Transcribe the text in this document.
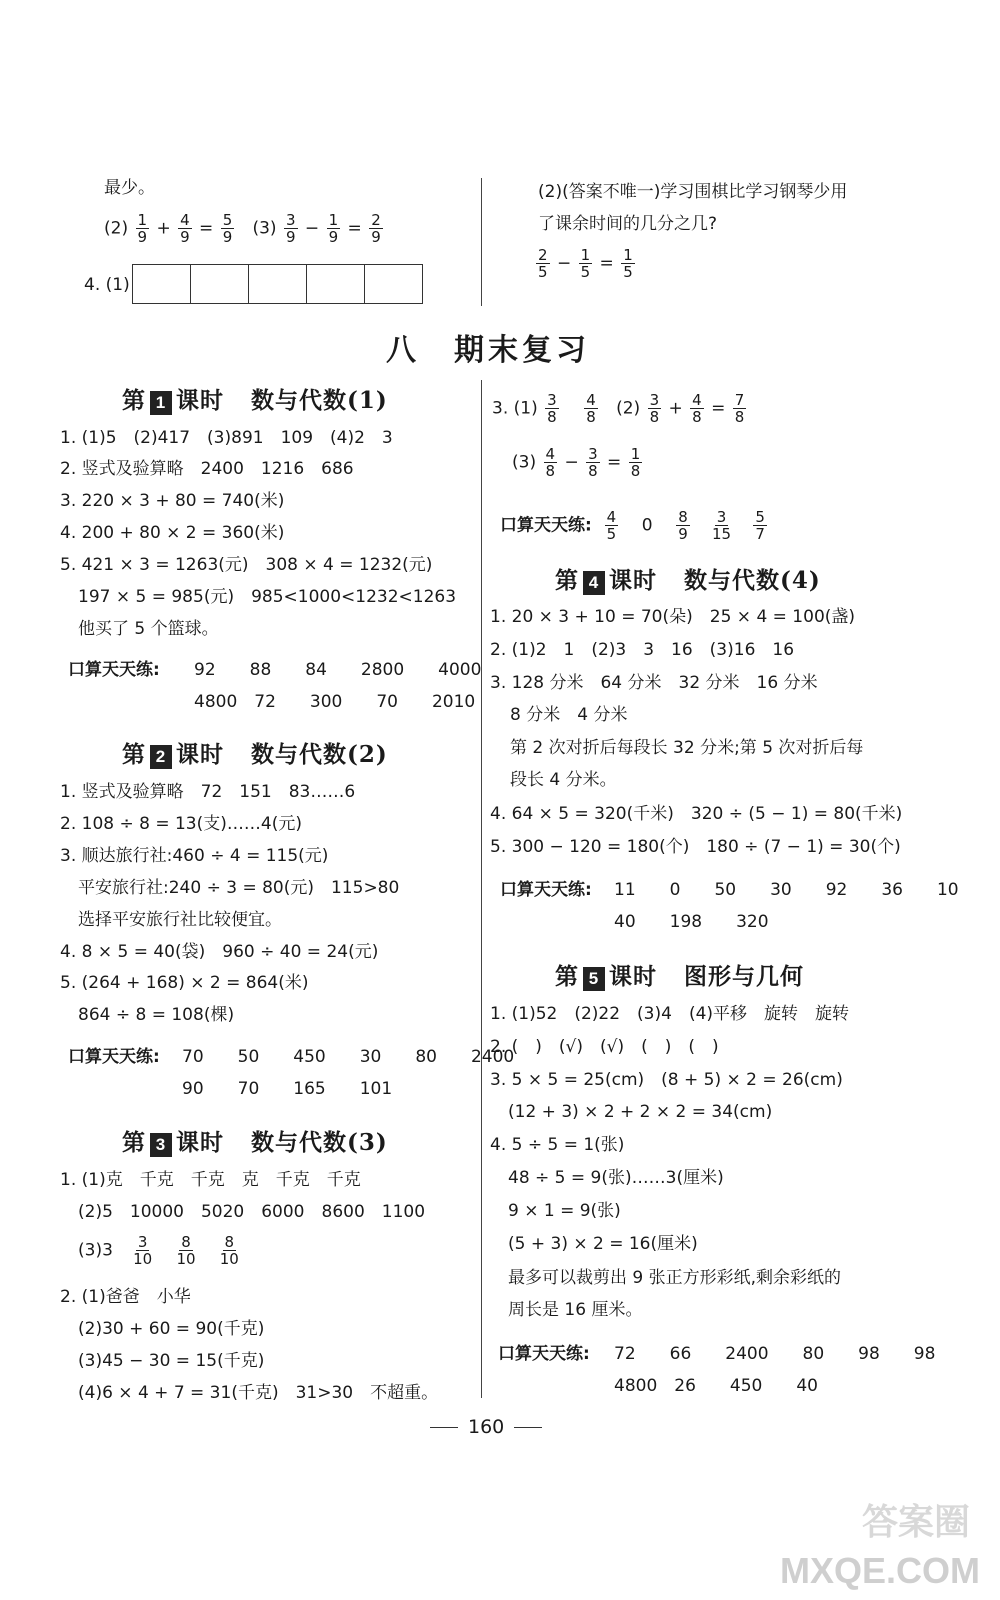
最少。
$(2) \frac{1}{9} + \frac{4}{9} = \frac{5}{9} (3) \frac{3}{9} - \frac{1}{9} = \frac{2}{9}$
4. (1)
(2)(答案不唯一)学习围棋比学习钢琴少用
了课余时间的几分之几?
$\frac{2}{5} - \frac{1}{5} = \frac{1}{5}$
八　期末复习
第 1 课时 数与代数(1)
1. (1)5　(2)417　(3)891　109　(4)2　3
2. 竖式及验算略　2400　1216　686
3. 220 × 3 + 80 = 740(米)
4. 200 + 80 × 2 = 360(米)
5. 421 × 3 = 1263(元)　308 × 4 = 1232(元)
197 × 5 = 985(元)　985<1000<1232<1263
他买了 5 个篮球。
口算天天练: 92　　88　　84　　2800　　4000
4800　72　　300　　70　　2010
第 2 课时 数与代数(2)
1. 竖式及验算略　72　151　83……6
2. 108 ÷ 8 = 13(支)……4(元)
3. 顺达旅行社:460 ÷ 4 = 115(元)
平安旅行社:240 ÷ 3 = 80(元)　115>80
选择平安旅行社比较便宜。
4. 8 × 5 = 40(袋)　960 ÷ 40 = 24(元)
5. (264 + 168) × 2 = 864(米)
864 ÷ 8 = 108(棵)
口算天天练: 70　　50　　450　　30　　80　　2400
90　　70　　165　　101
第 3 课时 数与代数(3)
1. (1)克　千克　千克　克　千克　千克
(2)5　10000　5020　6000　8600　1100
$(3)3 \frac{3}{10}$
$\frac{8}{10}$
$\frac{8}{10}$
2. (1)爸爸　小华
(2)30 + 60 = 90(千克)
(3)45 − 30 = 15(千克)
(4)6 × 4 + 7 = 31(千克)　31>30　不超重。
3. $(1) \frac{3}{8}$
$\frac{4}{8} (2) \frac{3}{8} + \frac{4}{8} = \frac{7}{8}$
$(3) \frac{4}{8} - \frac{3}{8} = \frac{1}{8}$
口算天天练: $\frac{4}{5} 0 \frac{8}{9}$
$\frac{3}{15}$
$\frac{5}{7}$
第 4 课时 数与代数(4)
1. 20 × 3 + 10 = 70(朵)　25 × 4 = 100(盏)
2. (1)2　1　(2)3　3　16　(3)16　16
3. 128 分米　64 分米　32 分米　16 分米
8 分米　4 分米
第 2 次对折后每段长 32 分米;第 5 次对折后每
段长 4 分米。
4. 64 × 5 = 320(千米)　320 ÷ (5 − 1) = 80(千米)
5. 300 − 120 = 180(个)　180 ÷ (7 − 1) = 30(个)
口算天天练: 11　　0　　50　　30　　92　　36　　10
40　　198　　320
第 5 课时 图形与几何
1. (1)52　(2)22　(3)4　(4)平移　旋转　旋转
2. (　)　(√)　(√)　(　)　(　)
3. 5 × 5 = 25(cm)　(8 + 5) × 2 = 26(cm)
(12 + 3) × 2 + 2 × 2 = 34(cm)
4. 5 ÷ 5 = 1(张)
48 ÷ 5 = 9(张)……3(厘米)
9 × 1 = 9(张)
(5 + 3) × 2 = 16(厘米)
最多可以裁剪出 9 张正方形彩纸,剩余彩纸的
周长是 16 厘米。
口算天天练: 72　　66　　2400　　80　　98　　98
4800　26　　450　　40
160
答案圈
MXQE.COM
